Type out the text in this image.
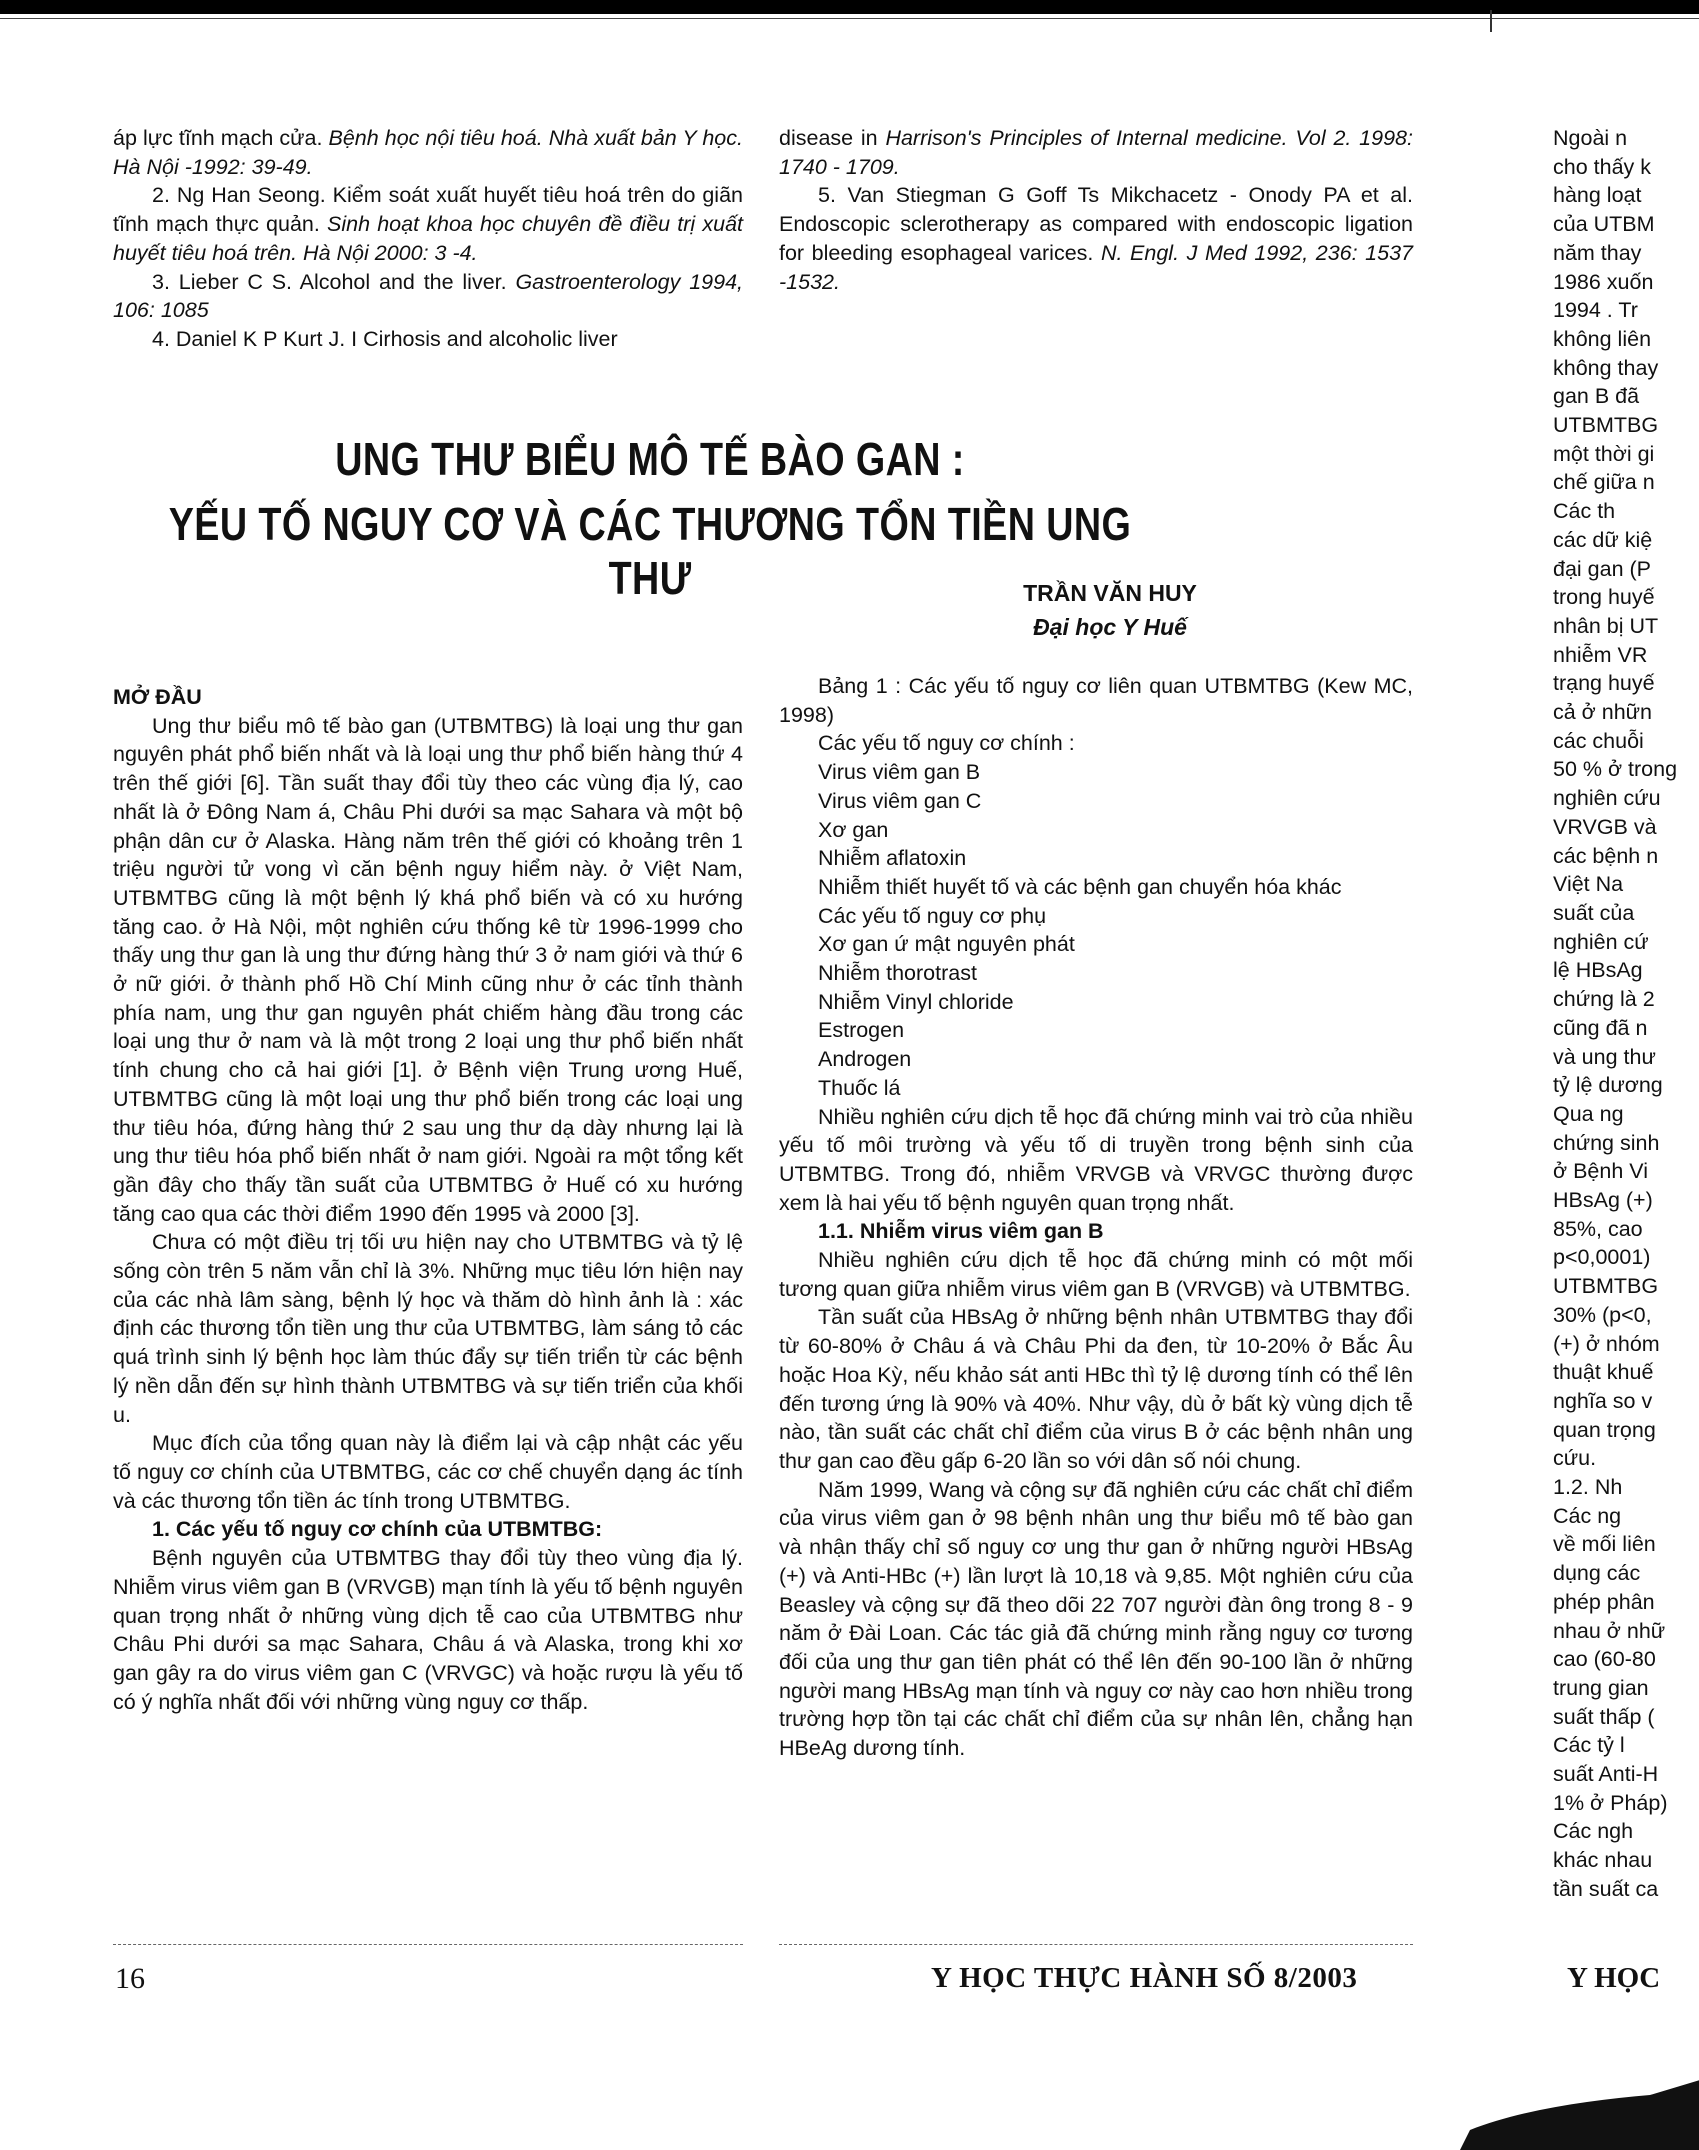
áp lực tĩnh mạch cửa. Bệnh học nội tiêu hoá. Nhà xuất bản Y học. Hà Nội -1992: 39-49.

2. Ng Han Seong. Kiểm soát xuất huyết tiêu hoá trên do giãn tĩnh mạch thực quản. Sinh hoạt khoa học chuyên đề điều trị xuất huyết tiêu hoá trên. Hà Nội 2000: 3 -4.

3. Lieber C S. Alcohol and the liver. Gastroenterology 1994, 106: 1085

4. Daniel K P Kurt J. I Cirhosis and alcoholic liver

disease in Harrison's Principles of Internal medicine. Vol 2. 1998: 1740 - 1709.

5. Van Stiegman G Goff Ts Mikchacetz - Onody PA et al. Endoscopic sclerotherapy as compared with endoscopic ligation for bleeding esophageal varices. N. Engl. J Med 1992, 236: 1537 -1532.

UNG THƯ BIỂU MÔ TẾ BÀO GAN :
YẾU TỐ NGUY CƠ VÀ CÁC THƯƠNG TỔN TIỀN UNG THƯ	TRẦN VĂN HUY
Đại học Y Huế

MỞ ĐẦU

Ung thư biểu mô tế bào gan (UTBMTBG) là loại ung thư gan nguyên phát phổ biến nhất và là loại ung thư phổ biến hàng thứ 4 trên thế giới [6]. Tần suất thay đổi tùy theo các vùng địa lý, cao nhất là ở Đông Nam á, Châu Phi dưới sa mạc Sahara và một bộ phận dân cư ở Alaska. Hàng năm trên thế giới có khoảng trên 1 triệu người tử vong vì căn bệnh nguy hiểm này. ở Việt Nam, UTBMTBG cũng là một bệnh lý khá phổ biến và có xu hướng tăng cao. ở Hà Nội, một nghiên cứu thống kê từ 1996-1999 cho thấy ung thư gan là ung thư đứng hàng thứ 3 ở nam giới và thứ 6 ở nữ giới. ở thành phố Hồ Chí Minh cũng như ở các tỉnh thành phía nam, ung thư gan nguyên phát chiếm hàng đầu trong các loại ung thư ở nam và là một trong 2 loại ung thư phổ biến nhất tính chung cho cả hai giới [1]. ở Bệnh viện Trung ương Huế, UTBMTBG cũng là một loại ung thư phổ biến trong các loại ung thư tiêu hóa, đứng hàng thứ 2 sau ung thư dạ dày nhưng lại là ung thư tiêu hóa phổ biến nhất ở nam giới. Ngoài ra một tổng kết gần đây cho thấy tần suất của UTBMTBG ở Huế có xu hướng tăng cao qua các thời điểm 1990 đến 1995 và 2000 [3].

Chưa có một điều trị tối ưu hiện nay cho UTBMTBG và tỷ lệ sống còn trên 5 năm vẫn chỉ là 3%. Những mục tiêu lớn hiện nay của các nhà lâm sàng, bệnh lý học và thăm dò hình ảnh là : xác định các thương tổn tiền ung thư của UTBMTBG, làm sáng tỏ các quá trình sinh lý bệnh học làm thúc đẩy sự tiến triển từ các bệnh lý nền dẫn đến sự hình thành UTBMTBG và sự tiến triển của khối u.

Mục đích của tổng quan này là điểm lại và cập nhật các yếu tố nguy cơ chính của UTBMTBG, các cơ chế chuyển dạng ác tính và các thương tổn tiền ác tính trong UTBMTBG.

1. Các yếu tố nguy cơ chính của UTBMTBG:

Bệnh nguyên của UTBMTBG thay đổi tùy theo vùng địa lý. Nhiễm virus viêm gan B (VRVGB) mạn tính là yếu tố bệnh nguyên quan trọng nhất ở những vùng dịch tễ cao của UTBMTBG như Châu Phi dưới sa mạc Sahara, Châu á và Alaska, trong khi xơ gan gây ra do virus viêm gan C (VRVGC) và hoặc rượu là yếu tố có ý nghĩa nhất đối với những vùng nguy cơ thấp.

Bảng 1 : Các yếu tố nguy cơ liên quan UTBMTBG (Kew MC, 1998)

Các yếu tố nguy cơ chính :

Virus viêm gan B

Virus viêm gan C

Xơ gan

Nhiễm aflatoxin

Nhiễm thiết huyết tố và các bệnh gan chuyển hóa khác

Các yếu tố nguy cơ phụ

Xơ gan ứ mật nguyên phát

Nhiễm thorotrast

Nhiễm Vinyl chloride

Estrogen

Androgen

Thuốc lá

Nhiều nghiên cứu dịch tễ học đã chứng minh vai trò của nhiều yếu tố môi trường và yếu tố di truyền trong bệnh sinh của UTBMTBG. Trong đó, nhiễm VRVGB và VRVGC thường được xem là hai yếu tố bệnh nguyên quan trọng nhất.

1.1. Nhiễm virus viêm gan B

Nhiều nghiên cứu dịch tễ học đã chứng minh có một mối tương quan giữa nhiễm virus viêm gan B (VRVGB) và UTBMTBG.

Tần suất của HBsAg ở những bệnh nhân UTBMTBG thay đổi từ 60-80% ở Châu á và Châu Phi da đen, từ 10-20% ở Bắc Âu hoặc Hoa Kỳ, nếu khảo sát anti HBc thì tỷ lệ dương tính có thể lên đến tương ứng là 90% và 40%. Như vậy, dù ở bất kỳ vùng dịch tễ nào, tần suất các chất chỉ điểm của virus B ở các bệnh nhân ung thư gan cao đều gấp 6-20 lần so với dân số nói chung.

Năm 1999, Wang và cộng sự đã nghiên cứu các chất chỉ điểm của virus viêm gan ở 98 bệnh nhân ung thư biểu mô tế bào gan và nhận thấy chỉ số nguy cơ ung thư gan ở những người HBsAg (+) và Anti-HBc (+) lần lượt là 10,18 và 9,85. Một nghiên cứu của Beasley và cộng sự đã theo dõi 22 707 người đàn ông trong 8 - 9 năm ở Đài Loan. Các tác giả đã chứng minh rằng nguy cơ tương đối của ung thư gan tiên phát có thể lên đến 90-100 lần ở những người mang HBsAg mạn tính và nguy cơ này cao hơn nhiều trong trường hợp tồn tại các chất chỉ điểm của sự nhân lên, chẳng hạn HBeAg dương tính.

Ngoài n

cho thấy k

hàng loạt

của UTBM

năm thay

1986 xuốn

1994 . Tr

không liên

không thay

gan B đã

UTBMTBG

một thời gi

chế giữa n

Các th

các dữ kiệ

đại gan (P

trong huyế

nhân bị UT

nhiễm VR

trạng huyế

cả ở nhữn

các chuỗi

50 % ở trong

nghiên cứu

VRVGB và

các bệnh n

Việt Na

suất của

nghiên cứ

lệ HBsAg

chứng là 2

cũng đã n

và ung thư

tỷ lệ dương

Qua ng

chứng sinh

ở Bệnh Vi

HBsAg (+)

85%, cao

p<0,0001)

UTBMTBG

30% (p<0,

(+) ở nhóm

thuật khuế

nghĩa so v

quan trọng

cứu.

1.2. Nh

Các ng

về mối liên

dụng các

phép phân

nhau ở nhữ

cao (60-80

trung gian

suất thấp (

Các tỷ l

suất Anti-H

1% ở Pháp)

Các ngh

khác nhau

tần suất ca

16	Y HỌC THỰC HÀNH SỐ 8/2003	Y HỌC
